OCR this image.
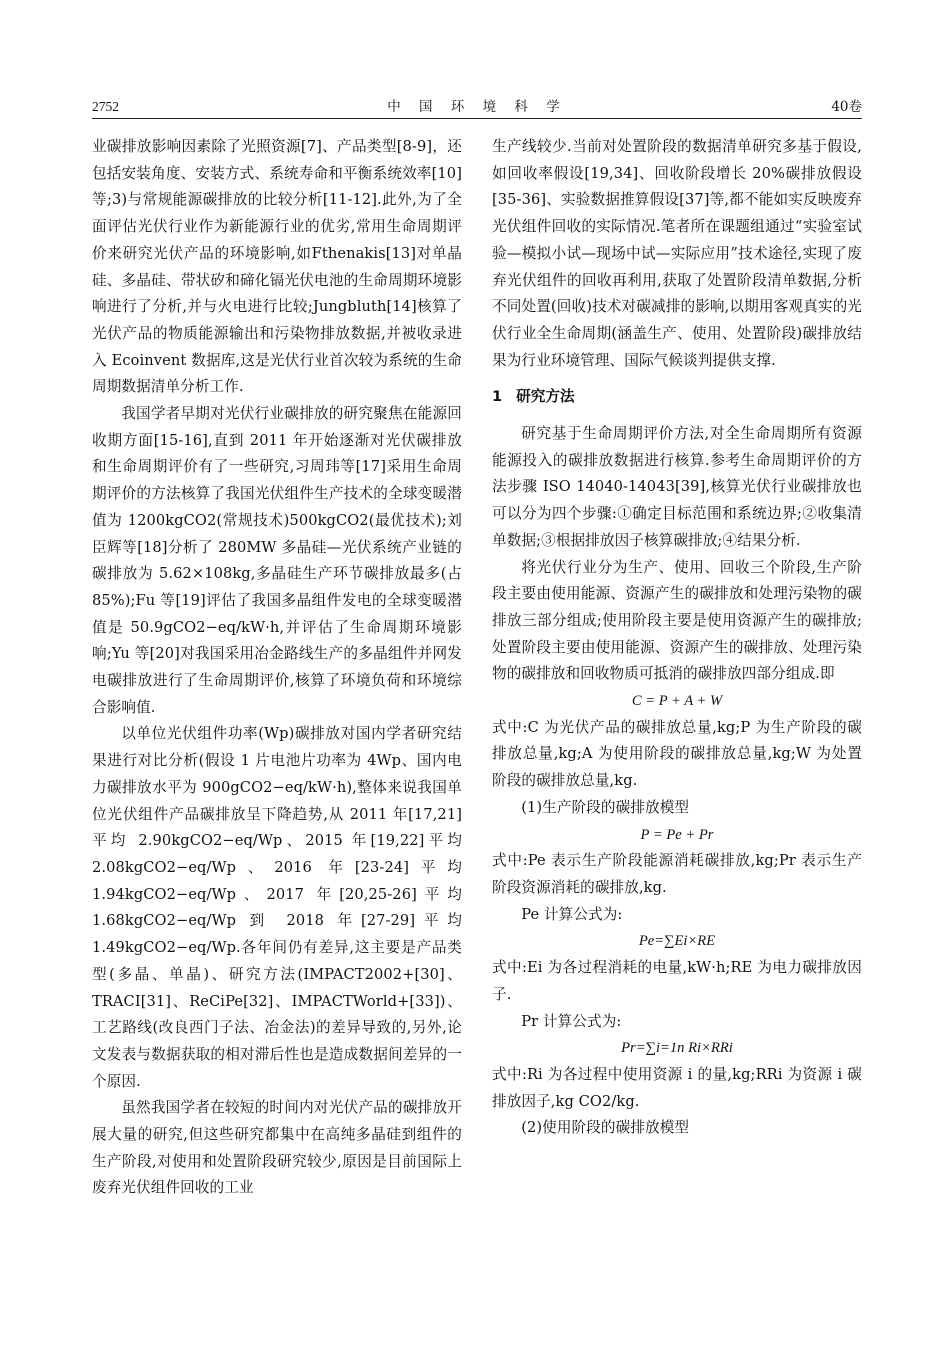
2752	中 国 环 境 科 学	40卷

业碳排放影响因素除了光照资源[7]、产品类型[8-9]，还包括安装角度、安装方式、系统寿命和平衡系统效率[10]等;3)与常规能源碳排放的比较分析[11-12].此外,为了全面评估光伏行业作为新能源行业的优劣,常用生命周期评价来研究光伏产品的环境影响,如Fthenakis[13]对单晶硅、多晶硅、带状矽和碲化镉光伏电池的生命周期环境影响进行了分析,并与火电进行比较;Jungbluth[14]核算了光伏产品的物质能源输出和污染物排放数据,并被收录进入 Ecoinvent 数据库,这是光伏行业首次较为系统的生命周期数据清单分析工作.

我国学者早期对光伏行业碳排放的研究聚焦在能源回收期方面[15-16],直到 2011 年开始逐渐对光伏碳排放和生命周期评价有了一些研究,习周玮等[17]采用生命周期评价的方法核算了我国光伏组件生产技术的全球变暖潜值为 1200kgCO2(常规技术)500kgCO2(最优技术);刘臣辉等[18]分析了 280MW 多晶硅—光伏系统产业链的碳排放为 5.62×108kg,多晶硅生产环节碳排放最多(占 85%);Fu 等[19]评估了我国多晶组件发电的全球变暖潜值是 50.9gCO2−eq/kW·h,并评估了生命周期环境影响;Yu 等[20]对我国采用冶金路线生产的多晶组件并网发电碳排放进行了生命周期评价,核算了环境负荷和环境综合影响值.

以单位光伏组件功率(Wp)碳排放对国内学者研究结果进行对比分析(假设 1 片电池片功率为 4Wp、国内电力碳排放水平为 900gCO2−eq/kW·h),整体来说我国单位光伏组件产品碳排放呈下降趋势,从 2011 年[17,21]平均 2.90kgCO2−eq/Wp、2015 年[19,22]平均 2.08kgCO2−eq/Wp、2016 年[23-24]平均 1.94kgCO2−eq/Wp、2017 年[20,25-26]平均 1.68kgCO2−eq/Wp 到 2018 年[27-29]平均 1.49kgCO2−eq/Wp.各年间仍有差异,这主要是产品类型(多晶、单晶)、研究方法(IMPACT2002+[30]、TRACI[31]、ReCiPe[32]、IMPACTWorld+[33])、工艺路线(改良西门子法、冶金法)的差异导致的,另外,论文发表与数据获取的相对滞后性也是造成数据间差异的一个原因.

虽然我国学者在较短的时间内对光伏产品的碳排放开展大量的研究,但这些研究都集中在高纯多晶硅到组件的生产阶段,对使用和处置阶段研究较少,原因是目前国际上废弃光伏组件回收的工业

生产线较少.当前对处置阶段的数据清单研究多基于假设,如回收率假设[19,34]、回收阶段增长 20%碳排放假设[35-36]、实验数据推算假设[37]等,都不能如实反映废弃光伏组件回收的实际情况.笔者所在课题组通过“实验室试验—模拟小试—现场中试—实际应用”技术途径,实现了废弃光伏组件的回收再利用,获取了处置阶段清单数据,分析不同处置(回收)技术对碳减排的影响,以期用客观真实的光伏行业全生命周期(涵盖生产、使用、处置阶段)碳排放结果为行业环境管理、国际气候谈判提供支撑.

1 研究方法

研究基于生命周期评价方法,对全生命周期所有资源能源投入的碳排放数据进行核算.参考生命周期评价的方法步骤 ISO 14040-14043[39],核算光伏行业碳排放也可以分为四个步骤:①确定目标范围和系统边界;②收集清单数据;③根据排放因子核算碳排放;④结果分析.

将光伏行业分为生产、使用、回收三个阶段,生产阶段主要由使用能源、资源产生的碳排放和处理污染物的碳排放三部分组成;使用阶段主要是使用资源产生的碳排放;处置阶段主要由使用能源、资源产生的碳排放、处理污染物的碳排放和回收物质可抵消的碳排放四部分组成.即

C = P + A + W

式中:C 为光伏产品的碳排放总量,kg;P 为生产阶段的碳排放总量,kg;A 为使用阶段的碳排放总量,kg;W 为处置阶段的碳排放总量,kg.

(1)生产阶段的碳排放模型

P = Pe + Pr

式中:Pe 表示生产阶段能源消耗碳排放,kg;Pr 表示生产阶段资源消耗的碳排放,kg.

Pe 计算公式为:

Pe=∑Ei×RE

式中:Ei 为各过程消耗的电量,kW·h;RE 为电力碳排放因子.

Pr 计算公式为:

Pr=∑i=1n Ri×RRi

式中:Ri 为各过程中使用资源 i 的量,kg;RRi 为资源 i 碳排放因子,kg CO2/kg.

(2)使用阶段的碳排放模型
